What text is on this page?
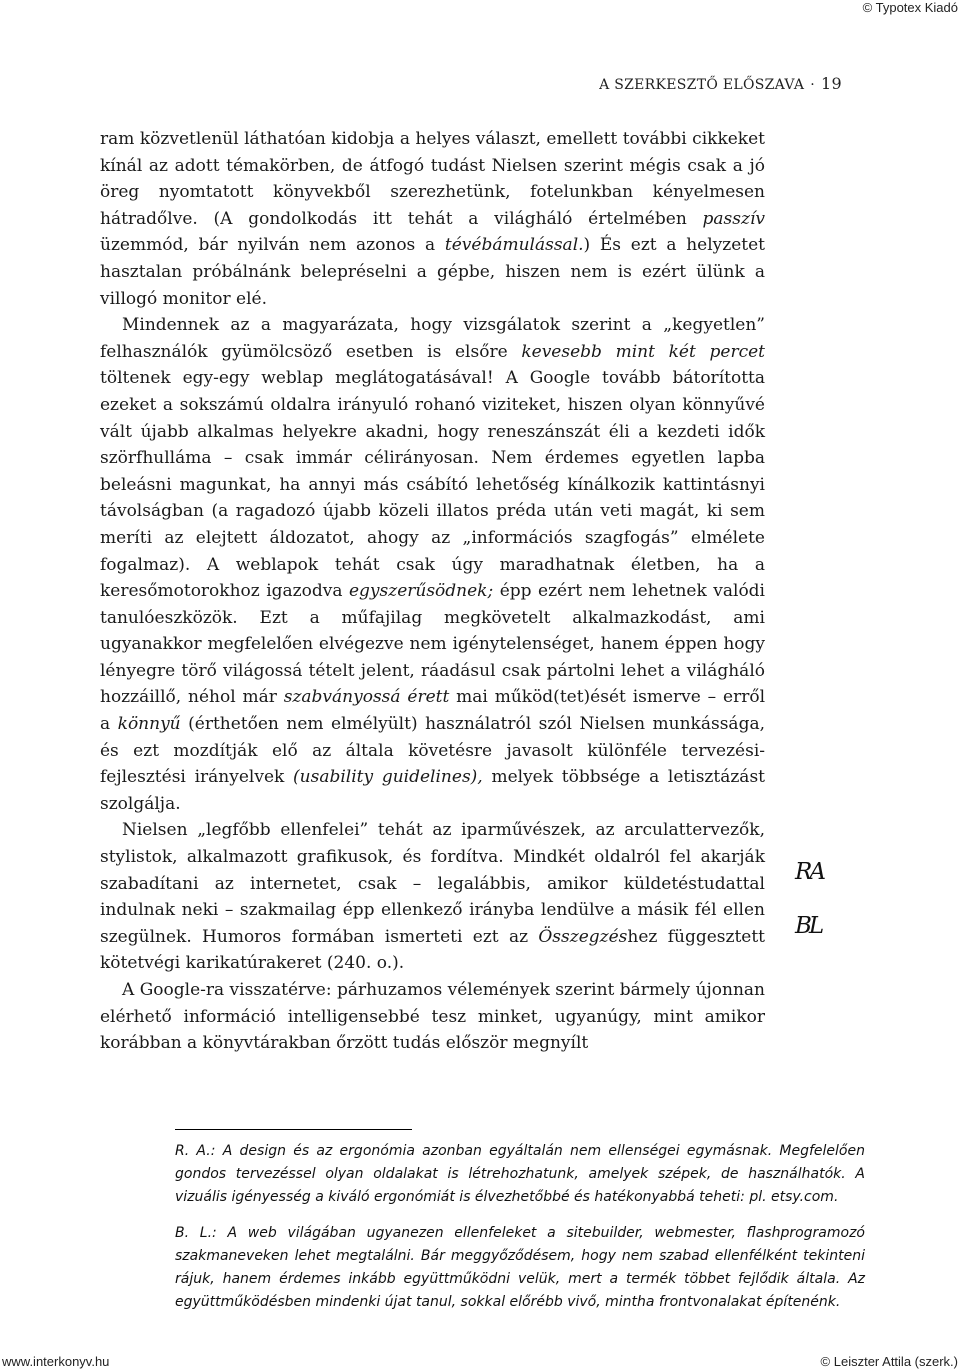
© Typotex Kiadó
A SZERKESZTŐ ELŐSZAVA · 19

ram közvetlenül láthatóan kidobja a helyes választ, emellett további cikkeket kínál az adott témakörben, de átfogó tudást Nielsen szerint mégis csak a jó öreg nyomtatott könyvekből szerezhetünk, fotelunkban kényelmesen hátradőlve. (A gondolkodás itt tehát a világháló értelmében passzív üzemmód, bár nyilván nem azonos a tévébámulással.) És ezt a helyzetet hasztalan próbálnánk belepréselni a gépbe, hiszen nem is ezért ülünk a villogó monitor elé.

Mindennek az a magyarázata, hogy vizsgálatok szerint a „kegyetlen” felhasználók gyümölcsöző esetben is elsőre kevesebb mint két percet töltenek egy-egy weblap meglátogatásával! A Google tovább bátorította ezeket a sokszámú oldalra irányuló rohanó viziteket, hiszen olyan könnyűvé vált újabb alkalmas helyekre akadni, hogy reneszánszát éli a kezdeti idők szörfhulláma – csak immár célirányosan. Nem érdemes egyetlen lapba beleásni magunkat, ha annyi más csábító lehetőség kínálkozik kattintásnyi távolságban (a ragadozó újabb közeli illatos préda után veti magát, ki sem meríti az elejtett áldozatot, ahogy az „információs szagfogás” elmélete fogalmaz). A weblapok tehát csak úgy maradhatnak életben, ha a keresőmotorokhoz igazodva egyszerűsödnek; épp ezért nem lehetnek valódi tanulóeszközök. Ezt a műfajilag megkövetelt alkalmazkodást, ami ugyanakkor megfelelően elvégezve nem igénytelenséget, hanem éppen hogy lényegre törő világossá tételt jelent, ráadásul csak pártolni lehet a világháló hozzáillő, néhol már szabványossá érett mai működ(tet)ését ismerve – erről a könnyű (érthetően nem elmélyült) használatról szól Nielsen munkássága, és ezt mozdítják elő az általa követésre javasolt különféle tervezési-fejlesztési irányelvek (usability guidelines), melyek többsége a letisztázást szolgálja.

Nielsen „legfőbb ellenfelei” tehát az iparművészek, az arculattervezők, stylistok, alkalmazott grafikusok, és fordítva. Mindkét oldalról fel akarják szabadítani az internetet, csak – legalábbis, amikor küldetéstudattal indulnak neki – szakmailag épp ellenkező irányba lendülve a másik fél ellen szegülnek. Humoros formában ismerteti ezt az Összegzéshez függesztett kötetvégi karikatúrakeret (240. o.).

A Google-ra visszatérve: párhuzamos vélemények szerint bármely újonnan elérhető információ intelligensebbé tesz minket, ugyanúgy, mint amikor korábban a könyvtárakban őrzött tudás először megnyílt

RA
BL

R. A.: A design és az ergonómia azonban egyáltalán nem ellenségei egymásnak. Megfelelően gondos tervezéssel olyan oldalakat is létrehozhatunk, amelyek szépek, de használhatók. A vizuális igényesség a kiváló ergonómiát is élvezhetőbbé és hatékonyabbá teheti: pl. etsy.com.

B. L.: A web világában ugyanezen ellenfeleket a sitebuilder, webmester, flashprogramozó szakmaneveken lehet megtalálni. Bár meggyőződésem, hogy nem szabad ellenfélként tekinteni rájuk, hanem érdemes inkább együttműködni velük, mert a termék többet fejlődik általa. Az együttműködésben mindenki újat tanul, sokkal előrébb vivő, mintha frontvonalakat építenénk.

www.interkonyv.hu	© Leiszter Attila (szerk.)
